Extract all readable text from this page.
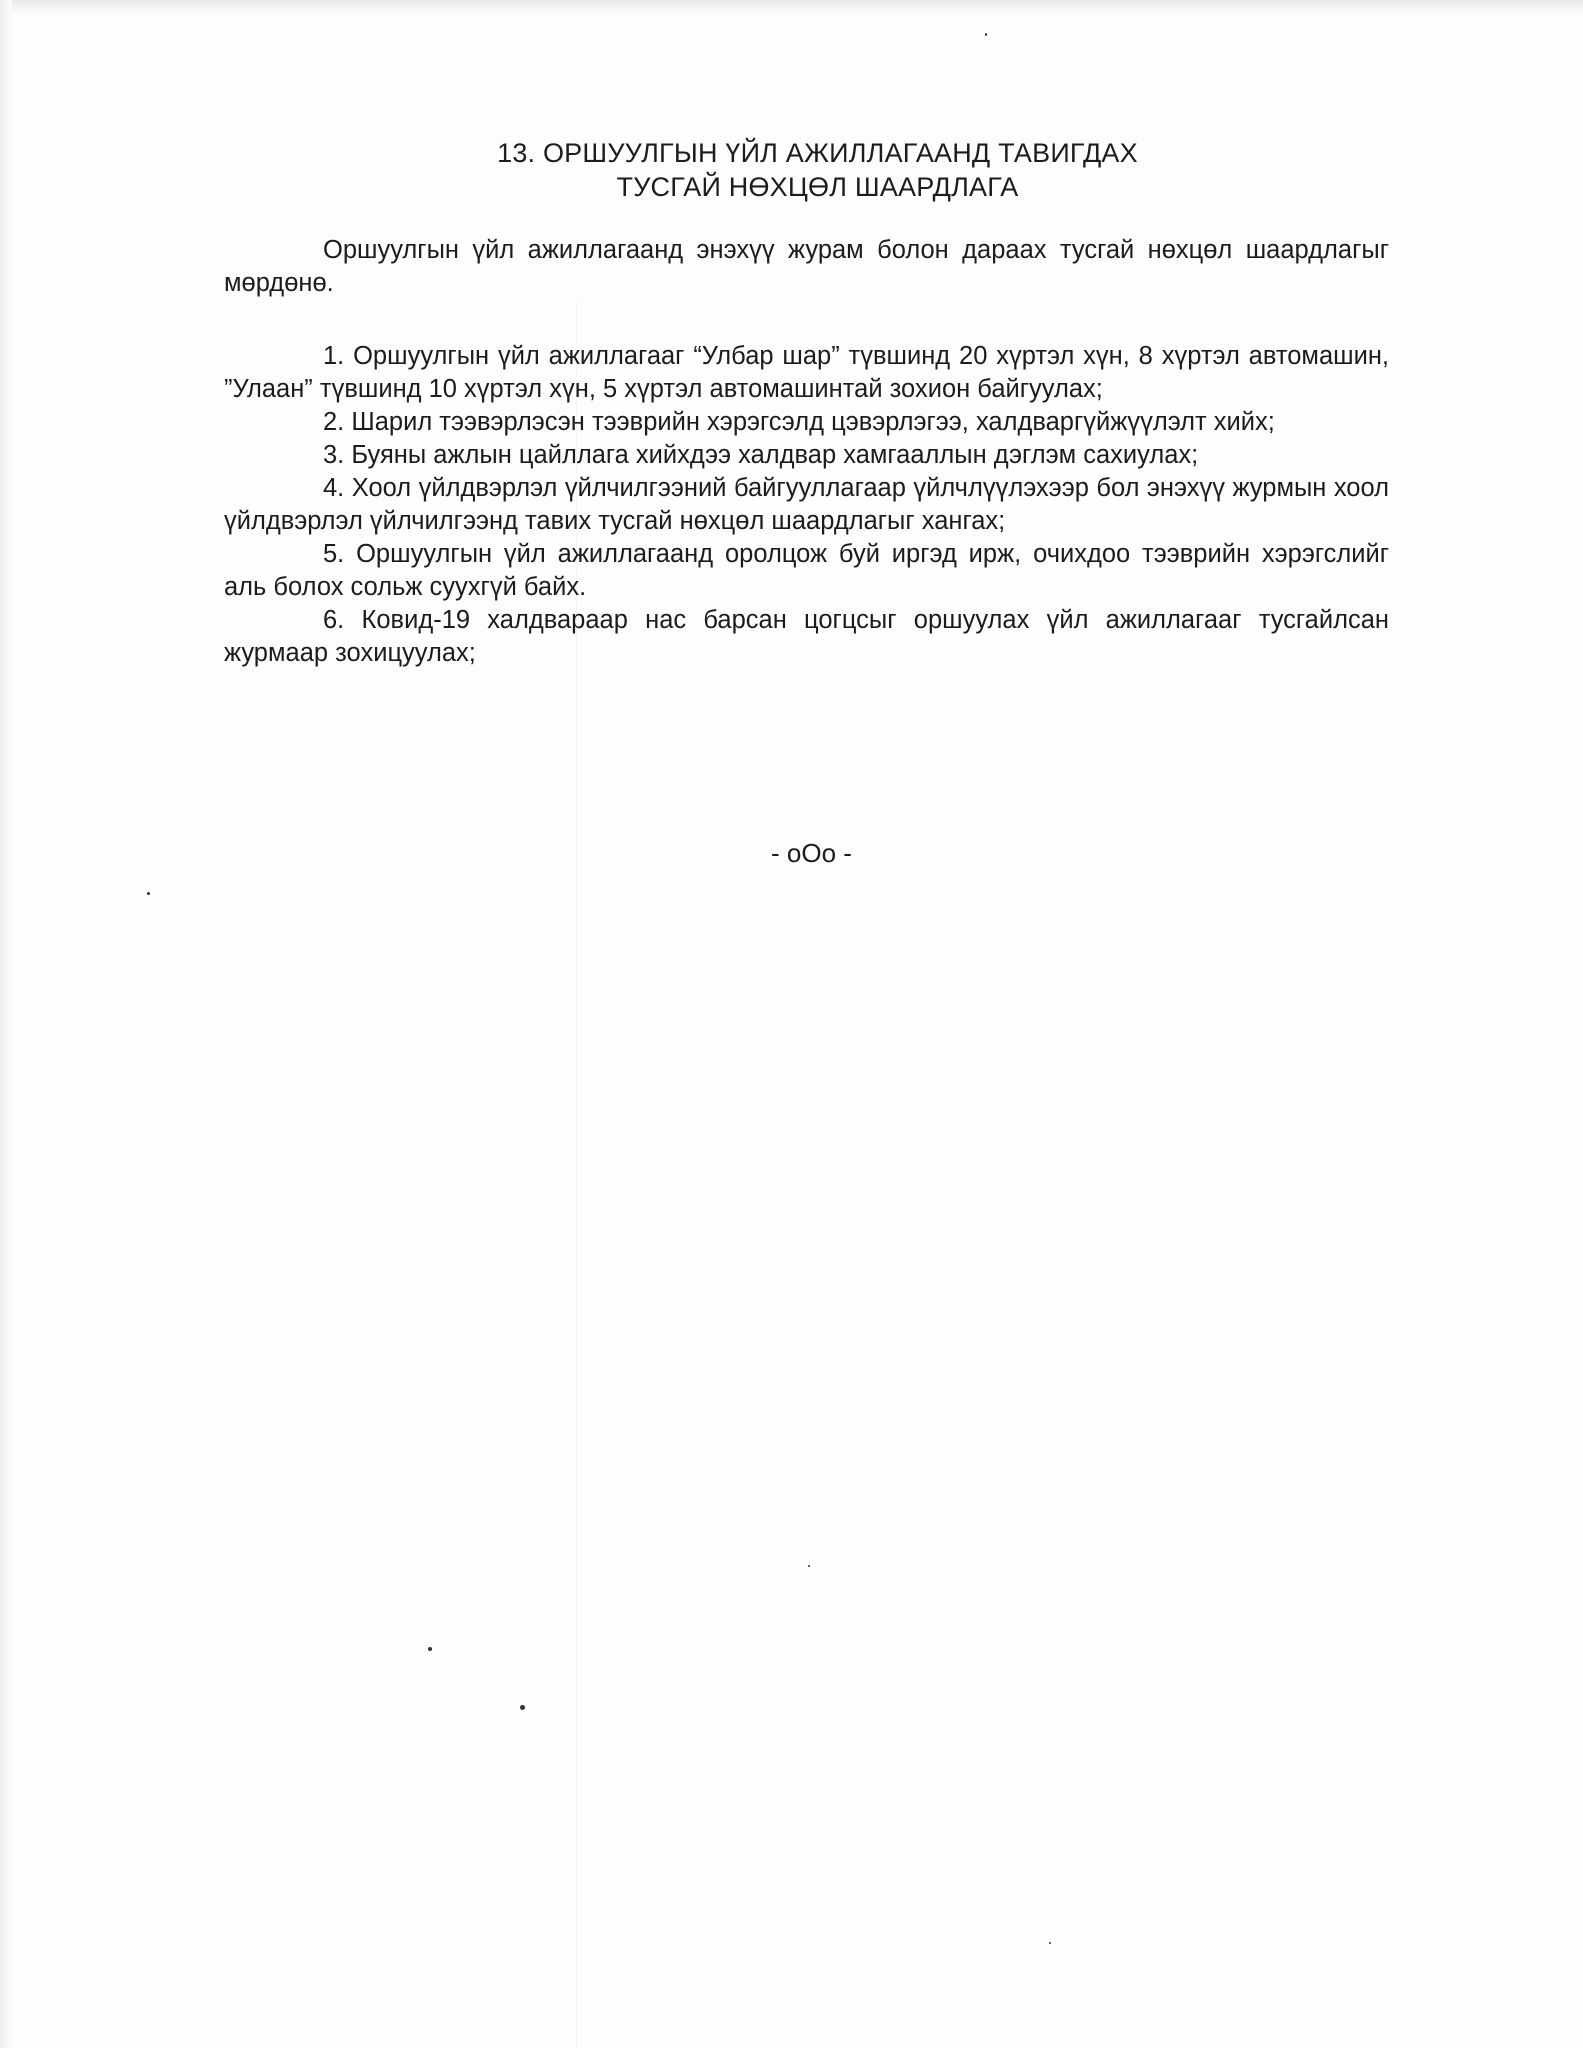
13. ОРШУУЛГЫН ҮЙЛ АЖИЛЛАГААНД ТАВИГДАХ
ТУСГАЙ НӨХЦӨЛ ШААРДЛАГА

Оршуулгын үйл ажиллагаанд энэхүү журам болон дараах тусгай нөхцөл шаардлагыг мөрдөнө.

1. Оршуулгын үйл ажиллагааг “Улбар шар” түвшинд 20 хүртэл хүн, 8 хүртэл автомашин, ”Улаан” түвшинд 10 хүртэл хүн, 5 хүртэл автомашинтай зохион байгуулах;

2. Шарил тээвэрлэсэн тээврийн хэрэгсэлд цэвэрлэгээ, халдваргүйжүүлэлт хийх;

3. Буяны ажлын цайллага хийхдээ халдвар хамгааллын дэглэм сахиулах;

4. Хоол үйлдвэрлэл үйлчилгээний байгууллагаар үйлчлүүлэхээр бол энэхүү журмын хоол үйлдвэрлэл үйлчилгээнд тавих тусгай нөхцөл шаардлагыг хангах;

5. Оршуулгын үйл ажиллагаанд оролцож буй иргэд ирж, очихдоо тээврийн хэрэгслийг аль болох сольж суухгүй байх.

6. Ковид-19 халдвараар нас барсан цогцсыг оршуулах үйл ажиллагааг тусгайлсан журмаар зохицуулах;

- oOo -
